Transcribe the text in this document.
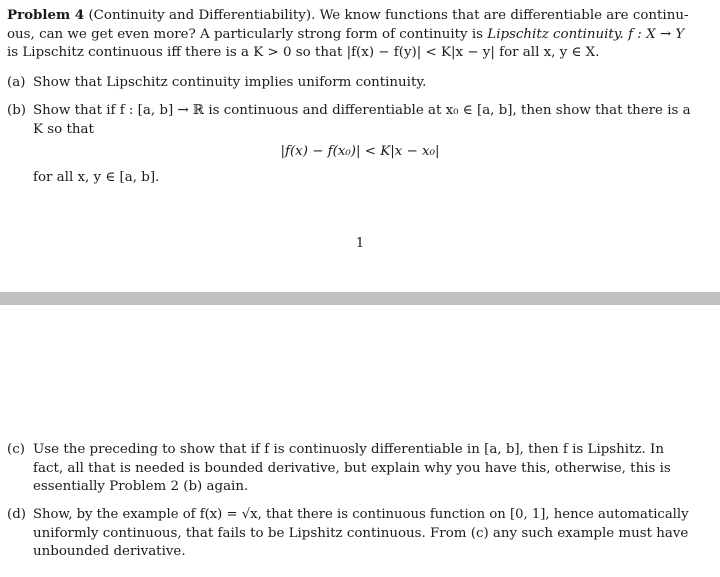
Problem 4 (Continuity and Differentiability). We know functions that are differentiable are continu-
ous, can we get even more? A particularly strong form of continuity is Lipschitz continuity. f : X → Y
is Lipschitz continuous iff there is a K > 0 so that |f(x) − f(y)| < K|x − y| for all x, y ∈ X.
(a) Show that Lipschitz continuity implies uniform continuity.
(b) Show that if f : [a, b] → ℝ is continuous and differentiable at x₀ ∈ [a, b], then show that there is a
K so that
|f(x) − f(x₀)| < K|x − x₀|
for all x, y ∈ [a, b].
1
(c) Use the preceding to show that if f is continuosly differentiable in [a, b], then f is Lipshitz. In
fact, all that is needed is bounded derivative, but explain why you have this, otherwise, this is
essentially Problem 2 (b) again.
(d) Show, by the example of f(x) = √x, that there is continuous function on [0, 1], hence automatically
uniformly continuous, that fails to be Lipshitz continuous. From (c) any such example must have
unbounded derivative.
